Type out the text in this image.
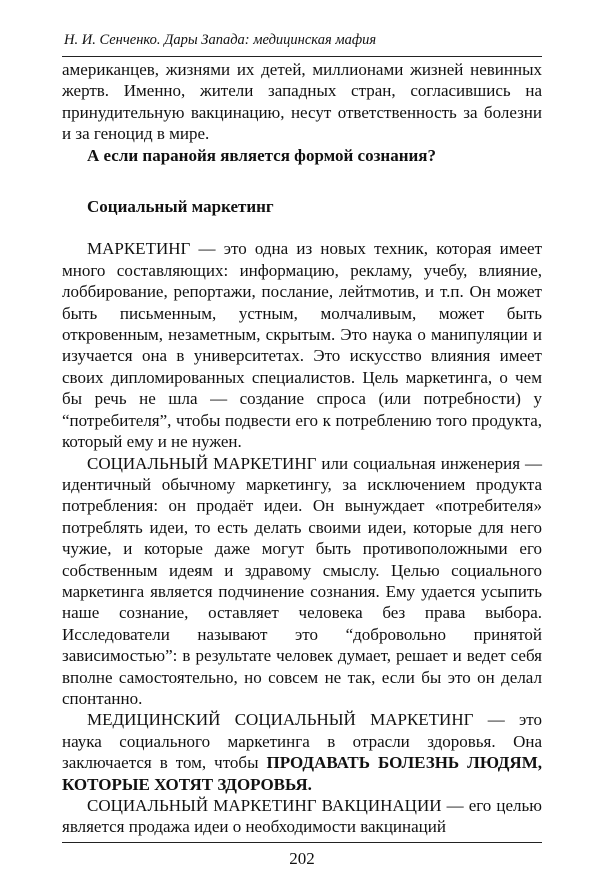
Н. И. Сенченко. Дары Запада: медицинская мафия

американцев, жизнями их детей, миллионами жизней невинных жертв. Именно, жители западных стран, согласившись на принудительную вакцинацию, несут ответственность за болезни и за геноцид в мире.

А если паранойя является формой сознания?

Социальный маркетинг

МАРКЕТИНГ — это одна из новых техник, которая имеет много составляющих: информацию, рекламу, учебу, влияние, лоббирование, репортажи, послание, лейтмотив, и т.п. Он может быть письменным, устным, молчаливым, может быть откровенным, незаметным, скрытым. Это наука о манипуляции и изучается она в университетах. Это искусство влияния имеет своих дипломированных специалистов. Цель маркетинга, о чем бы речь не шла — создание спроса (или потребности) у “потребителя”, чтобы подвести его к потреблению того продукта, который ему и не нужен.

СОЦИАЛЬНЫЙ МАРКЕТИНГ или социальная инженерия — идентичный обычному маркетингу, за исключением продукта потребления: он продаёт идеи. Он вынуждает «потребителя» потреблять идеи, то есть делать своими идеи, которые для него чужие, и которые даже могут быть противоположными его собственным идеям и здравому смыслу. Целью социального маркетинга является подчинение сознания. Ему удается усыпить наше сознание, оставляет человека без права выбора. Исследователи называют это “добровольно принятой зависимостью”: в результате человек думает, решает и ведет себя вполне самостоятельно, но совсем не так, если бы это он делал спонтанно.

МЕДИЦИНСКИЙ СОЦИАЛЬНЫЙ МАРКЕТИНГ — это наука социального маркетинга в отрасли здоровья. Она заключается в том, чтобы ПРОДАВАТЬ БОЛЕЗНЬ ЛЮДЯМ, КОТОРЫЕ ХОТЯТ ЗДОРОВЬЯ.

СОЦИАЛЬНЫЙ МАРКЕТИНГ ВАКЦИНАЦИИ — его целью является продажа идеи о необходимости вакцинаций

202
